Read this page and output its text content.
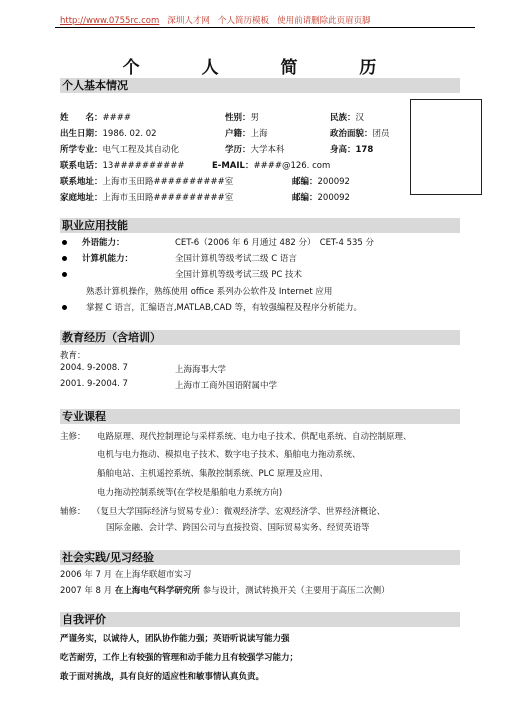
http://www.0755rc.com 深圳人才网 个人简历模板 使用前请删除此页眉页脚
个 人 简 历
个人基本情况
姓　　名：####	性别：男	民族：汉
出生日期：1986. 02. 02	户籍：上海	政治面貌：团员
所学专业：电气工程及其自动化	学历：大学本科	身高：178
联系电话：13##########	E-MAIL：####@126. com
联系地址：上海市玉田路##########室	邮编：200092
家庭地址：上海市玉田路##########室	邮编：200092
职业应用技能
外语能力：	CET-6（2006 年 6 月通过 482 分）　CET-4 535 分
计算机能力：	全国计算机等级考试二级 C 语言
全国计算机等级考试三级 PC 技术
熟悉计算机操作，熟练使用 office 系列办公软件及 Internet 应用
掌握 C 语言，汇编语言,MATLAB,CAD 等，有较强编程及程序分析能力。
教育经历（含培训）
教育：
2004. 9-2008. 7	上海海事大学
2001. 9-2004. 7	上海市工商外国语附属中学
专业课程
主修： 电路原理、现代控制理论与采样系统、电力电子技术、供配电系统、自动控制原理、
电机与电力拖动、模拟电子技术、数字电子技术、船舶电力拖动系统、
船舶电站、主机遥控系统、集散控制系统、PLC 原理及应用、
电力拖动控制系统等(在学校是船舶电力系统方向)
辅修： （复旦大学国际经济与贸易专业）：微观经济学、宏观经济学、世界经济概论、
国际金融、会计学、跨国公司与直接投资、国际贸易实务、经贸英语等
社会实践/见习经验
2006 年 7 月 在上海华联超市实习
2007 年 8 月 在上海电气科学研究所 参与设计，测试转换开关（主要用于高压二次侧）
自我评价
严谨务实，以诚待人，团队协作能力强；英语听说读写能力强
吃苦耐劳，工作上有较强的管理和动手能力且有较强学习能力；
敢于面对挑战，具有良好的适应性和敏事情认真负责。
